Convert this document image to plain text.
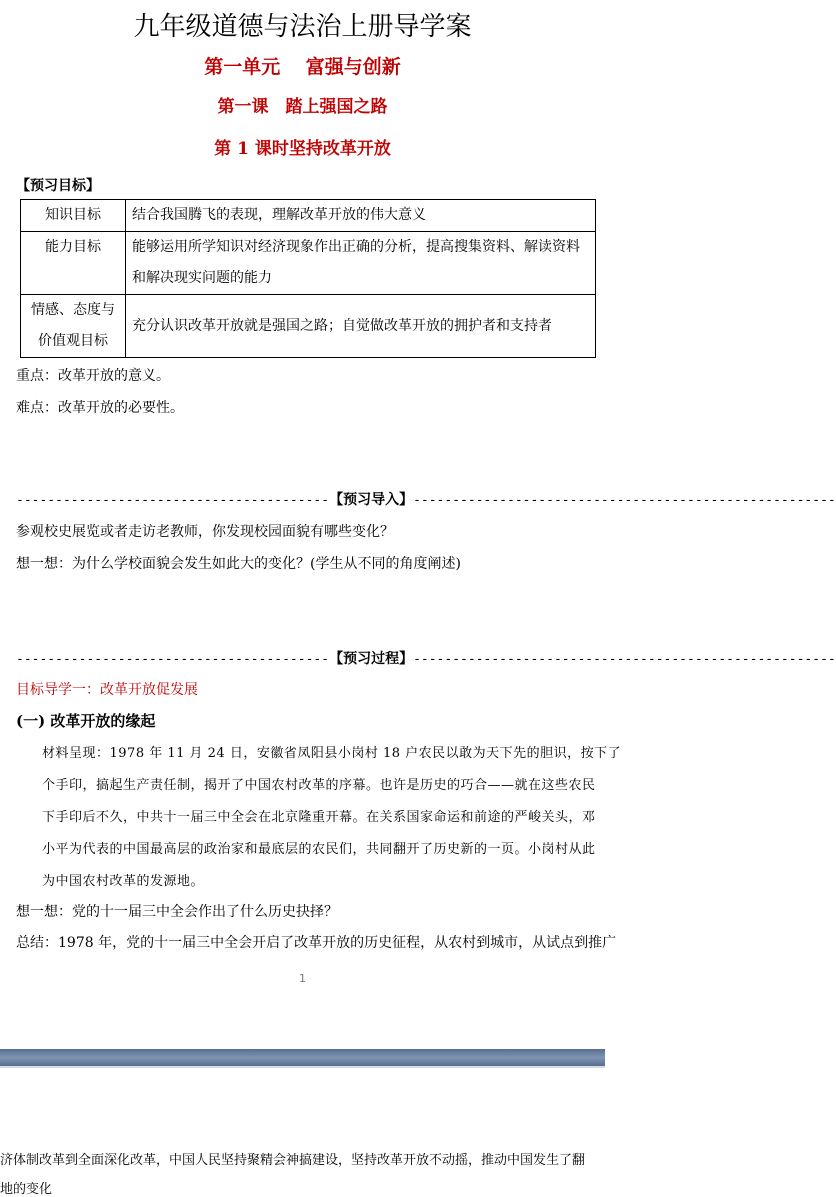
九年级道德与法治上册导学案
第一单元　 富强与创新
第一课　踏上强国之路
第 1 课时坚持改革开放
【预习目标】
知识目标	结合我国腾飞的表现，理解改革开放的伟大意义
能力目标	能够运用所学知识对经济现象作出正确的分析，提高搜集资料、解读资料
和解决现实问题的能力

情感、态度与
价值观目标	充分认识改革开放就是强国之路；自觉做改革开放的拥护者和支持者
重点：改革开放的意义。
难点：改革开放的必要性。
----------------------------------------【预习导入】------------------------------------------------------
参观校史展览或者走访老教师，你发现校园面貌有哪些变化？
想一想：为什么学校面貌会发生如此大的变化？(学生从不同的角度阐述)
----------------------------------------【预习过程】------------------------------------------------------
目标导学一：改革开放促发展
(一) 改革开放的缘起
材料呈现：1978 年 11 月 24 日，安徽省凤阳县小岗村 18 户农民以敢为天下先的胆识，按下了
个手印，搞起生产责任制，揭开了中国农村改革的序幕。也许是历史的巧合——就在这些农民
下手印后不久，中共十一届三中全会在北京隆重开幕。在关系国家命运和前途的严峻关头，邓
小平为代表的中国最高层的政治家和最底层的农民们，共同翻开了历史新的一页。小岗村从此
为中国农村改革的发源地。
想一想：党的十一届三中全会作出了什么历史抉择？
总结：1978 年，党的十一届三中全会开启了改革开放的历史征程，从农村到城市，从试点到推广
1
济体制改革到全面深化改革，中国人民坚持聚精会神搞建设，坚持改革开放不动摇，推动中国发生了翻
地的变化
